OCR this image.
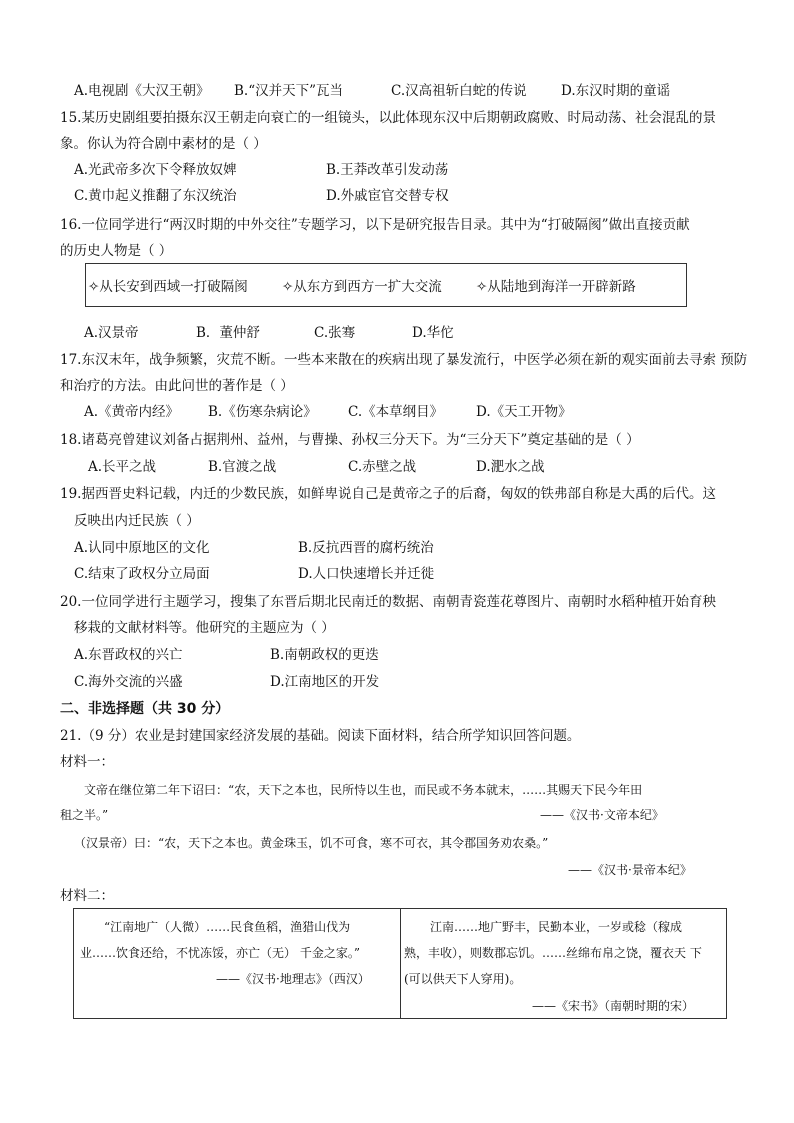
A.电视剧《大汉王朝》 B.“汉并天下”瓦当	C.汉高祖斩白蛇的传说	D.东汉时期的童谣
15.某历史剧组要拍摄东汉王朝走向衰亡的一组镜头，以此体现东汉中后期朝政腐败、时局动荡、社会混乱的景
象。你认为符合剧中素材的是（ ）
A.光武帝多次下令释放奴婢	B.王莽改革引发动荡
C.黄巾起义推翻了东汉统治	D.外戚宦官交替专权
16.一位同学进行“两汉时期的中外交往”专题学习，以下是研究报告目录。其中为“打破隔阂”做出直接贡献
的历史人物是（ ）
✧从长安到西域一打破隔阂	✧从东方到西方一扩大交流	✧从陆地到海洋一开辟新路
A.汉景帝	B．董仲舒	C.张骞	D.华佗
17.东汉末年，战争频繁，灾荒不断。一些本来散在的疾病出现了暴发流行，中医学必须在新的观实面前去寻索 预防
和治疗的方法。由此问世的著作是（ ）
A.《黄帝内经》 B.《伤寒杂病论》 C.《本草纲目》 D.《天工开物》
18.诸葛亮曾建议刘备占据荆州、益州，与曹操、孙权三分天下。为“三分天下”奠定基础的是（ ）
A.长平之战	B.官渡之战	C.赤壁之战	D.淝水之战
19.据西晋史料记载，内迁的少数民族，如鲜卑说自己是黄帝之子的后裔，匈奴的铁弗部自称是大禹的后代。这
反映出内迁民族（ ）
A.认同中原地区的文化	B.反抗西晋的腐朽统治
C.结束了政权分立局面	D.人口快速增长并迁徙
20.一位同学进行主题学习，搜集了东晋后期北民南迁的数据、南朝青瓷莲花尊图片、南朝时水稻种植开始育秧
移栽的文献材料等。他研究的主题应为（ ）
A.东晋政权的兴亡	B.南朝政权的更迭
C.海外交流的兴盛	D.江南地区的开发
二、非选择题（共 30 分）
21.（9 分）农业是封建国家经济发展的基础。阅读下面材料，结合所学知识回答问题。
材料一：
文帝在继位第二年下诏曰：“农，天下之本也，民所恃以生也，而民或不务本就末，……其赐天下民今年田
租之半。”	——《汉书·文帝本纪》
（汉景帝）曰：“农，天下之本也。黄金珠玉，饥不可食，寒不可衣，其令郡国务劝农桑。”
——《汉书·景帝本纪》
材料二：
“江南地广（人微）……民食鱼稻，渔猎山伐为
业……饮食还给，不忧冻馁，亦亡（无） 千金之家。”
——《汉书·地理志》（西汉）
江南……地广野丰，民勤本业，一岁或稔（稼成
熟，丰收），则数郡忘饥。……丝绵布帛之饶，覆衣天 下
(可以供天下人穿用)。
——《宋书》（南朝时期的宋）
